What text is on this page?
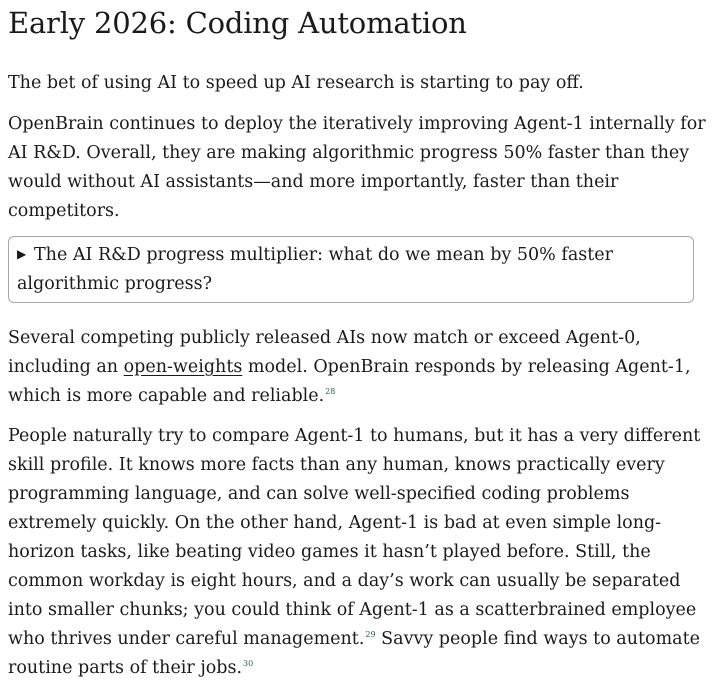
Early 2026: Coding Automation

The bet of using AI to speed up AI research is starting to pay off.

OpenBrain continues to deploy the iteratively improving Agent-1 internally for AI R&D. Overall, they are making algorithmic progress 50% faster than they would without AI assistants—and more importantly, faster than their competitors.

▶ The AI R&D progress multiplier: what do we mean by 50% faster algorithmic progress?

Several competing publicly released AIs now match or exceed Agent-0, including an open-weights model. OpenBrain responds by releasing Agent-1, which is more capable and reliable.$^{28}$

People naturally try to compare Agent-1 to humans, but it has a very different skill profile. It knows more facts than any human, knows practically every programming language, and can solve well-specified coding problems extremely quickly. On the other hand, Agent-1 is bad at even simple long-horizon tasks, like beating video games it hasn’t played before. Still, the common workday is eight hours, and a day’s work can usually be separated into smaller chunks; you could think of Agent-1 as a scatterbrained employee who thrives under careful management.$^{29}$ Savvy people find ways to automate routine parts of their jobs.$^{30}$
